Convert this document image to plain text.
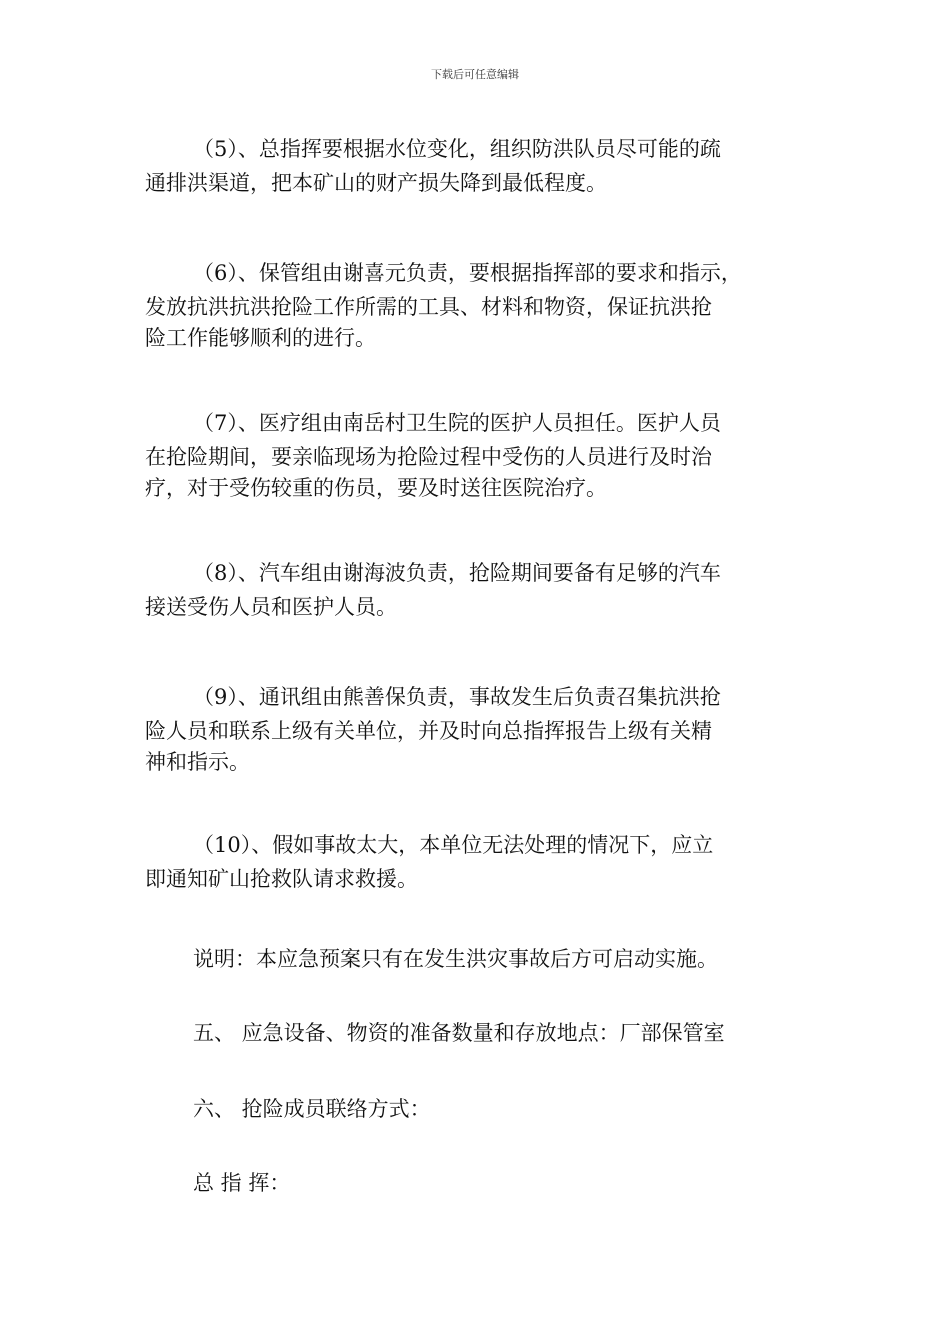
下载后可任意编辑
（5）、总指挥要根据水位变化，组织防洪队员尽可能的疏
通排洪渠道，把本矿山的财产损失降到最低程度。
（6）、保管组由谢喜元负责，要根据指挥部的要求和指示，
发放抗洪抗洪抢险工作所需的工具、材料和物资，保证抗洪抢
险工作能够顺利的进行。
（7）、医疗组由南岳村卫生院的医护人员担任。医护人员
在抢险期间，要亲临现场为抢险过程中受伤的人员进行及时治
疗，对于受伤较重的伤员，要及时送往医院治疗。
（8）、汽车组由谢海波负责，抢险期间要备有足够的汽车
接送受伤人员和医护人员。
（9）、通讯组由熊善保负责，事故发生后负责召集抗洪抢
险人员和联系上级有关单位，并及时向总指挥报告上级有关精
神和指示。
（10）、假如事故太大，本单位无法处理的情况下，应立
即通知矿山抢救队请求救援。
说明：本应急预案只有在发生洪灾事故后方可启动实施。
五、 应急设备、物资的准备数量和存放地点：厂部保管室
六、 抢险成员联络方式：
总 指 挥：
